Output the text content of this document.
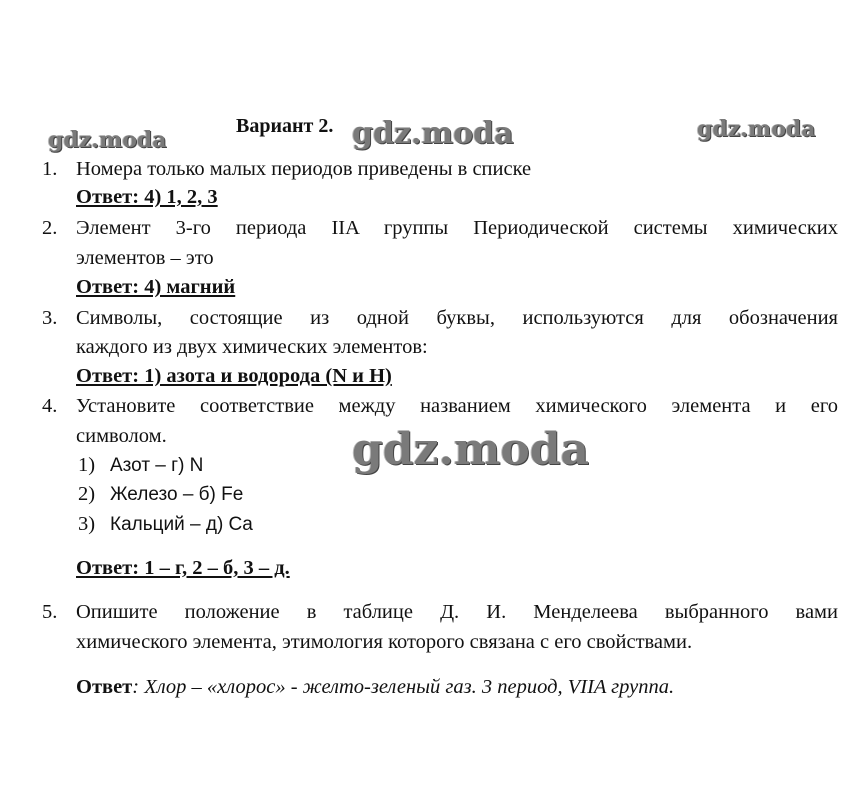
gdz.moda	gdz.moda	gdz.moda
gdz.moda
Вариант 2.
1. Номера только малых периодов приведены в списке
Ответ: 4) 1, 2, 3
2. Элемент 3-го периода IIA группы Периодической системы химических
элементов – это
Ответ: 4) магний
3. Символы, состоящие из одной буквы, используются для обозначения
каждого из двух химических элементов:
Ответ: 1) азота и водорода (N и H)
4. Установите соответствие между названием химического элемента и его
символом.
1) Азот – г) N
2) Железо – б) Fe
3) Кальций – д) Ca
Ответ: 1 – г, 2 – б, 3 – д.
5. Опишите положение в таблице Д. И. Менделеева выбранного вами
химического элемента, этимология которого связана с его свойствами.
Ответ: Хлор – «хлорос» - желто-зеленый газ. 3 период, VIIA группа.
